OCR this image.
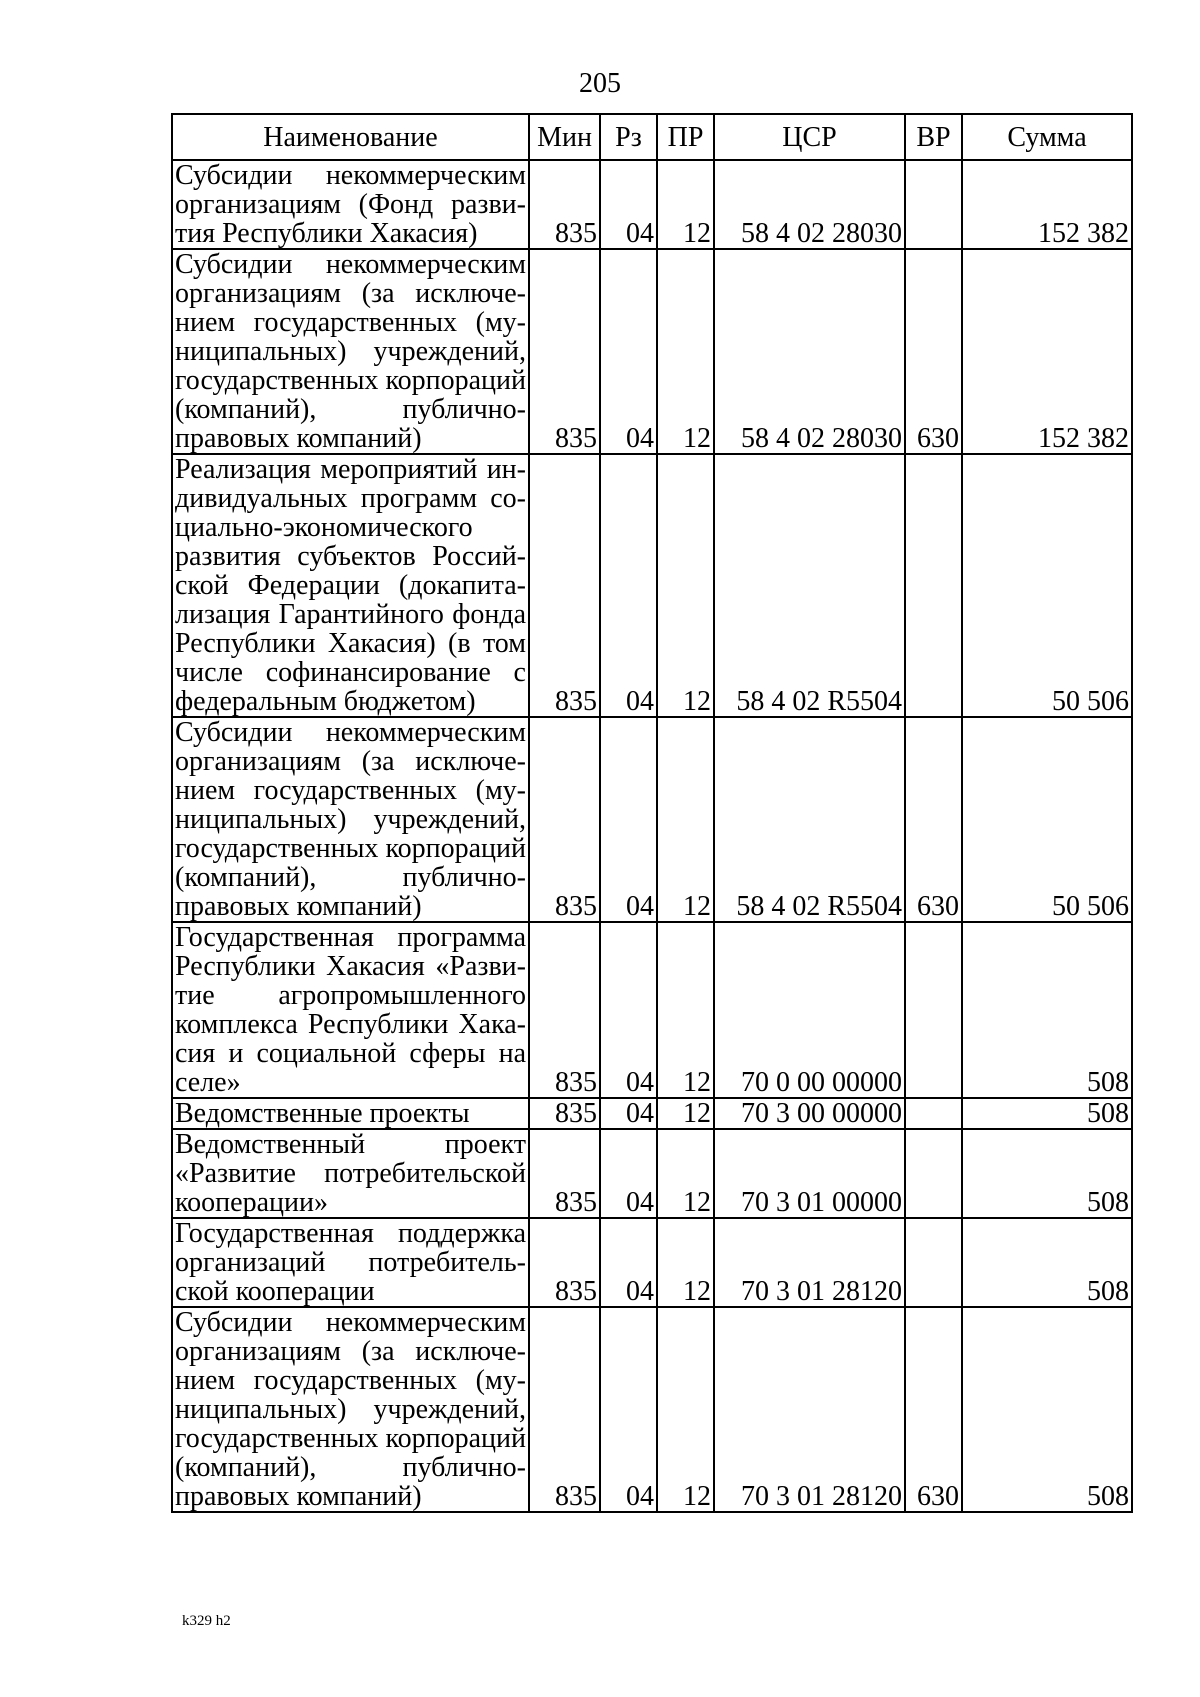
205
Наименование	Мин	Рз	ПР	ЦСР	ВР	Сумма
Субсидии некоммерческим организациям (Фонд развития Республики Хакасия)	835	04	12	58 4 02 28030		152 382
Субсидии некоммерческим организациям (за исключением государственных (муниципальных) учреждений, государственных корпораций (компаний), публично-правовых компаний)	835	04	12	58 4 02 28030	630	152 382
Реализация мероприятий индивидуальных программ социально-экономического развития субъектов Российской Федерации (докапитализация Гарантийного фонда Республики Хакасия) (в том числе софинансирование с федеральным бюджетом)	835	04	12	58 4 02 R5504		50 506
Субсидии некоммерческим организациям (за исключением государственных (муниципальных) учреждений, государственных корпораций (компаний), публично-правовых компаний)	835	04	12	58 4 02 R5504	630	50 506
Государственная программа Республики Хакасия «Развитие агропромышленного комплекса Республики Хакасия и социальной сферы на селе»	835	04	12	70 0 00 00000		508
Ведомственные проекты	835	04	12	70 3 00 00000		508
Ведомственный проект «Развитие потребительской кооперации»	835	04	12	70 3 01 00000		508
Государственная поддержка организаций потребительской кооперации	835	04	12	70 3 01 28120		508
Субсидии некоммерческим организациям (за исключением государственных (муниципальных) учреждений, государственных корпораций (компаний), публично-правовых компаний)	835	04	12	70 3 01 28120	630	508
k329 h2
